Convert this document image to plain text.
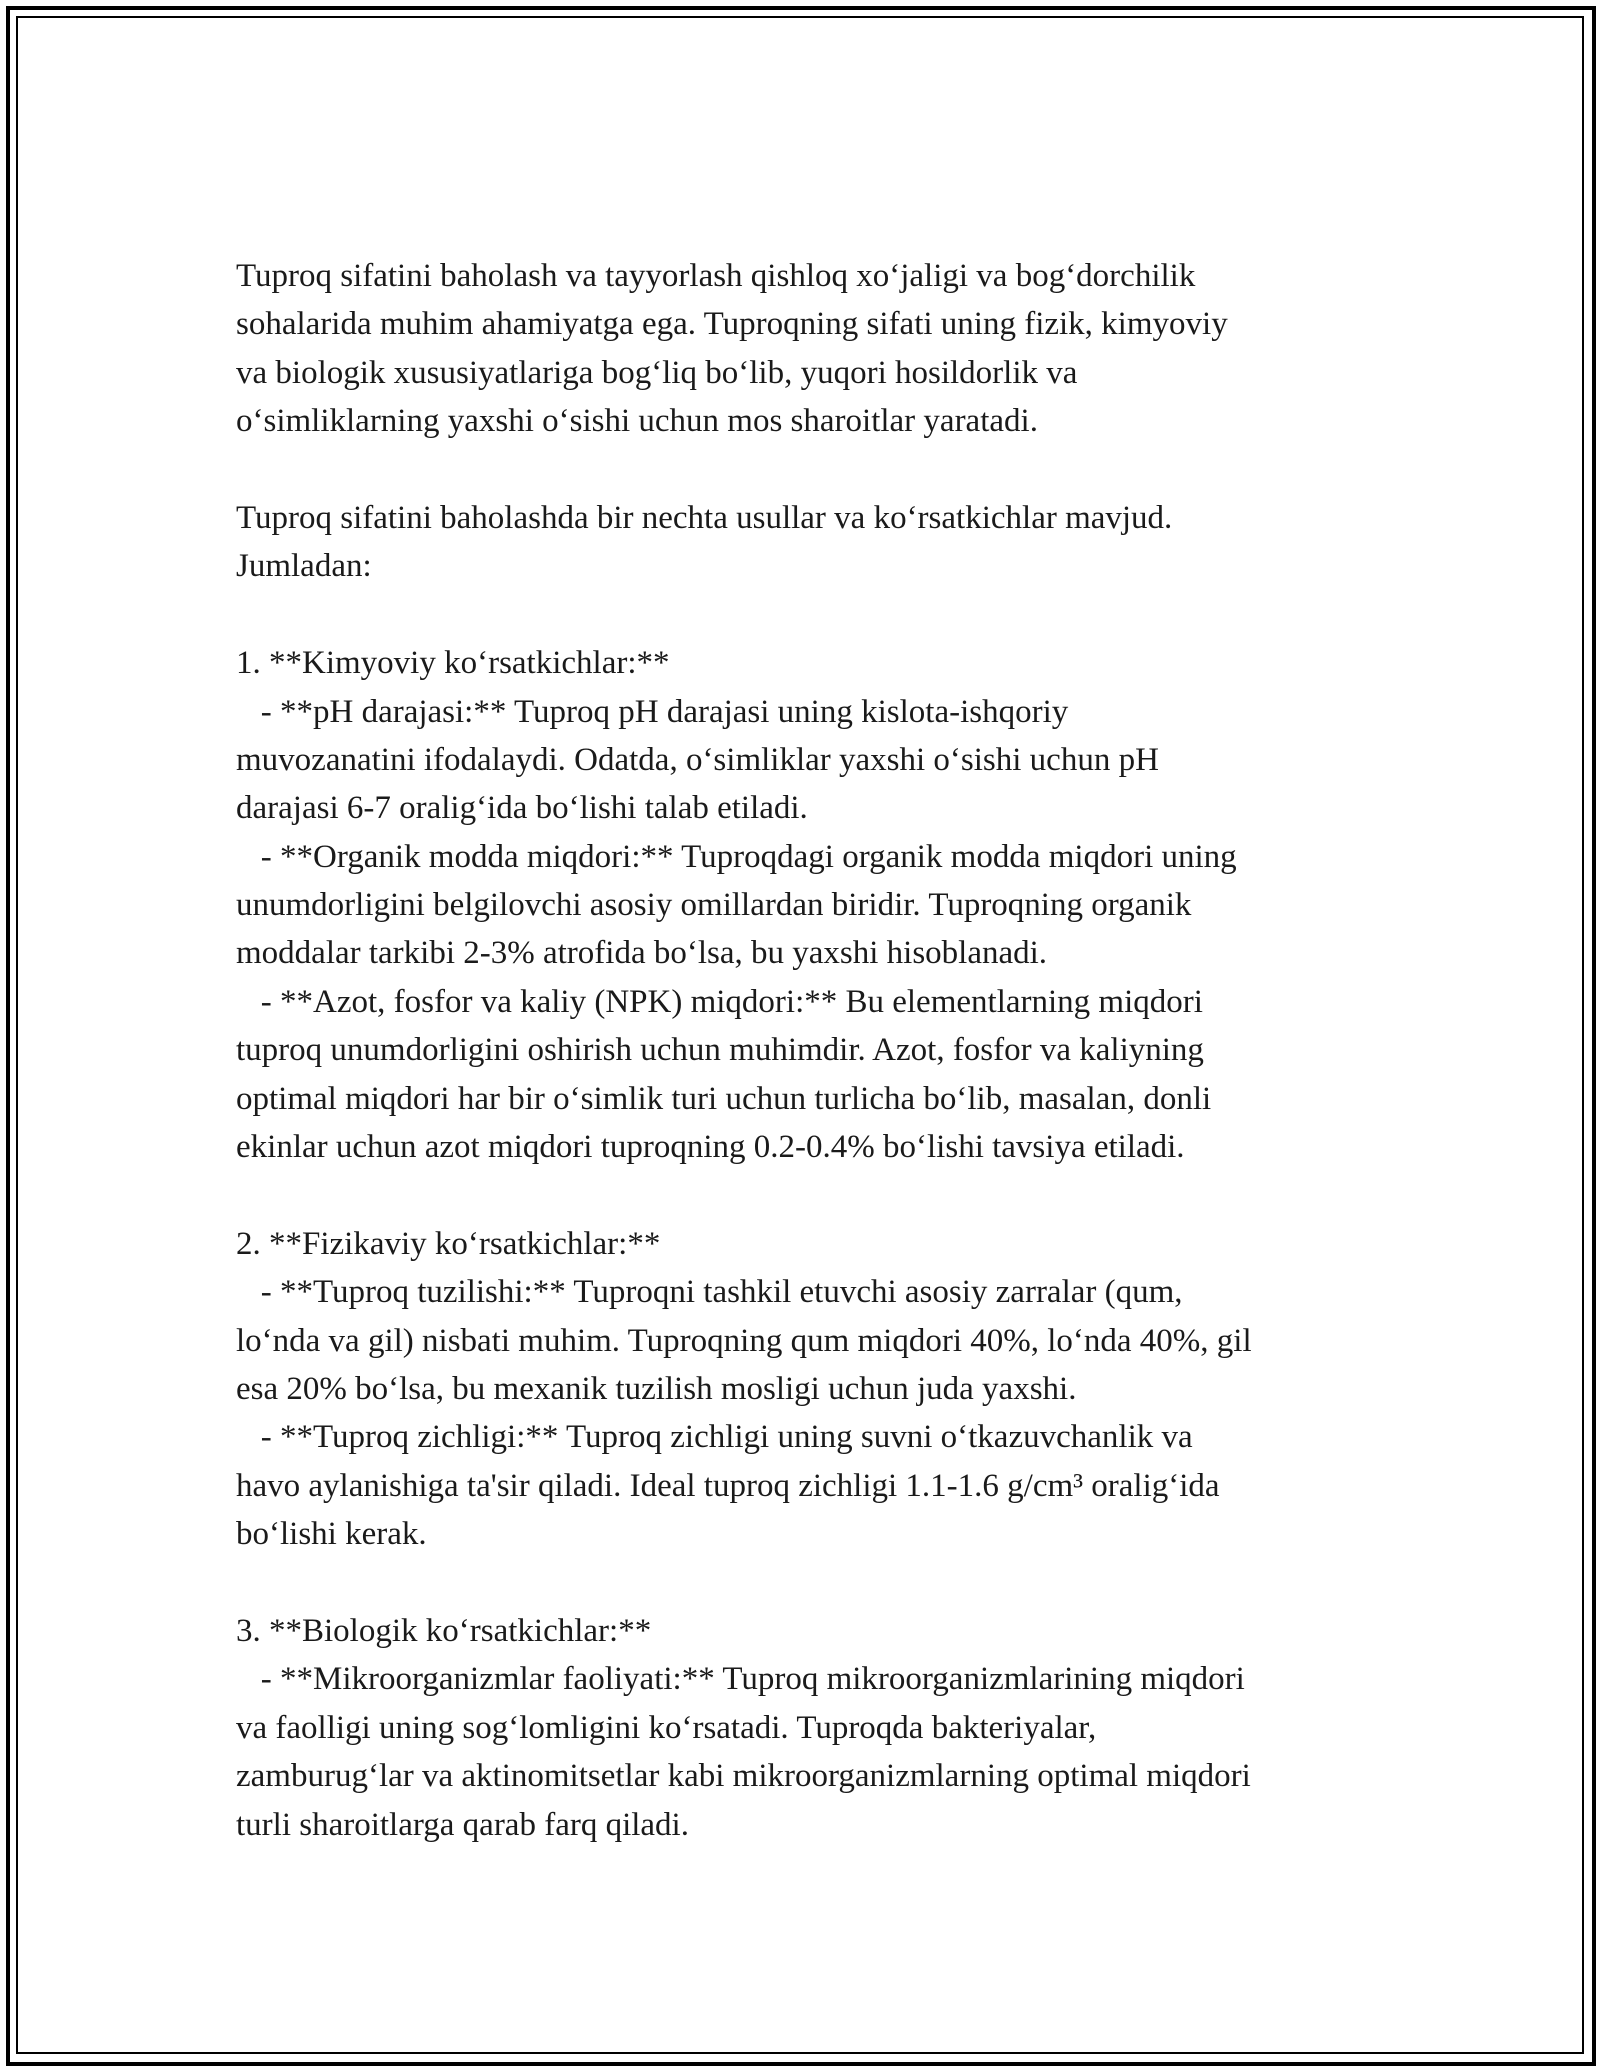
Tuproq sifatini baholash va tayyorlash qishloq xo‘jaligi va bog‘dorchilik
sohalarida muhim ahamiyatga ega. Tuproqning sifati uning fizik, kimyoviy
va biologik xususiyatlariga bog‘liq bo‘lib, yuqori hosildorlik va
o‘simliklarning yaxshi o‘sishi uchun mos sharoitlar yaratadi.
Tuproq sifatini baholashda bir nechta usullar va ko‘rsatkichlar mavjud.
Jumladan:
1. **Kimyoviy ko‘rsatkichlar:**
- **pH darajasi:** Tuproq pH darajasi uning kislota-ishqoriy
muvozanatini ifodalaydi. Odatda, o‘simliklar yaxshi o‘sishi uchun pH
darajasi 6-7 oralig‘ida bo‘lishi talab etiladi.
- **Organik modda miqdori:** Tuproqdagi organik modda miqdori uning
unumdorligini belgilovchi asosiy omillardan biridir. Tuproqning organik
moddalar tarkibi 2-3% atrofida bo‘lsa, bu yaxshi hisoblanadi.
- **Azot, fosfor va kaliy (NPK) miqdori:** Bu elementlarning miqdori
tuproq unumdorligini oshirish uchun muhimdir. Azot, fosfor va kaliyning
optimal miqdori har bir o‘simlik turi uchun turlicha bo‘lib, masalan, donli
ekinlar uchun azot miqdori tuproqning 0.2-0.4% bo‘lishi tavsiya etiladi.
2. **Fizikaviy ko‘rsatkichlar:**
- **Tuproq tuzilishi:** Tuproqni tashkil etuvchi asosiy zarralar (qum,
lo‘nda va gil) nisbati muhim. Tuproqning qum miqdori 40%, lo‘nda 40%, gil
esa 20% bo‘lsa, bu mexanik tuzilish mosligi uchun juda yaxshi.
- **Tuproq zichligi:** Tuproq zichligi uning suvni o‘tkazuvchanlik va
havo aylanishiga ta'sir qiladi. Ideal tuproq zichligi 1.1-1.6 g/cm³ oralig‘ida
bo‘lishi kerak.
3. **Biologik ko‘rsatkichlar:**
- **Mikroorganizmlar faoliyati:** Tuproq mikroorganizmlarining miqdori
va faolligi uning sog‘lomligini ko‘rsatadi. Tuproqda bakteriyalar,
zamburug‘lar va aktinomitsetlar kabi mikroorganizmlarning optimal miqdori
turli sharoitlarga qarab farq qiladi.
